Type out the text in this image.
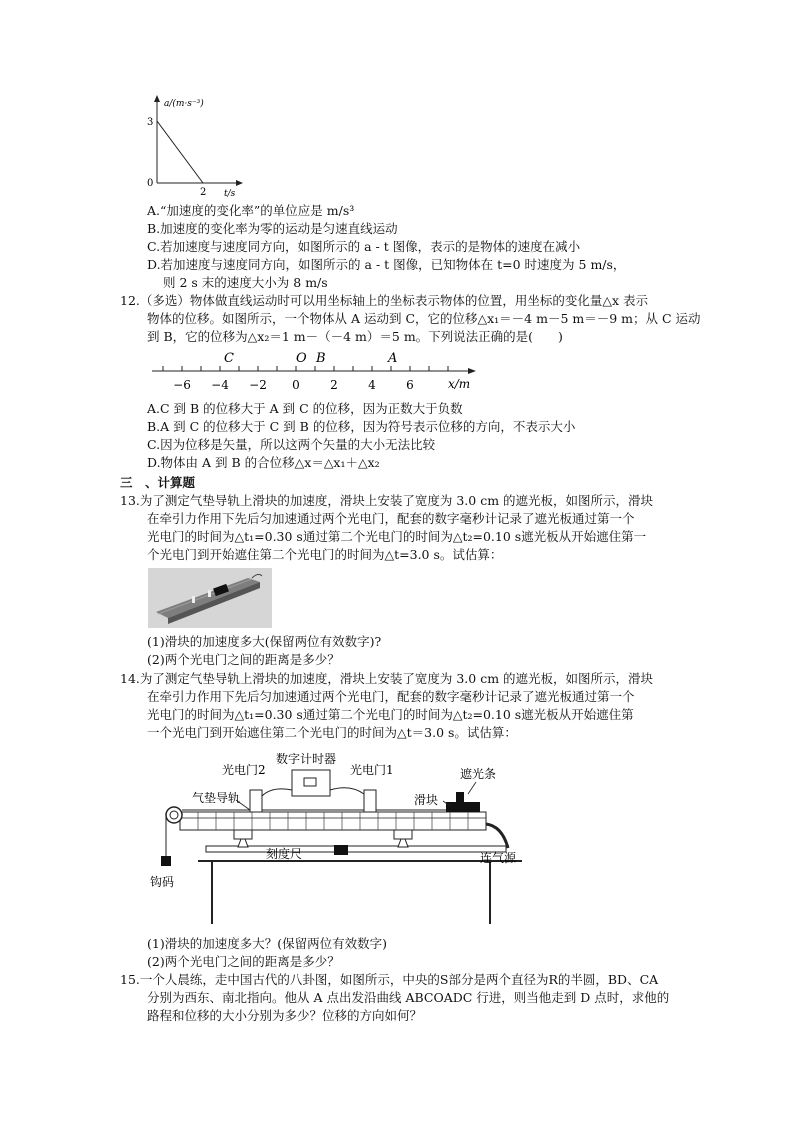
a/(m·s⁻³)
3
0
2 t/s
A.“加速度的变化率”的单位应是 m/s³
B.加速度的变化率为零的运动是匀速直线运动
C.若加速度与速度同方向，如图所示的 a - t 图像，表示的是物体的速度在减小
D.若加速度与速度同方向，如图所示的 a - t 图像，已知物体在 t=0 时速度为 5 m/s，
则 2 s 末的速度大小为 8 m/s
12.（多选）物体做直线运动时可以用坐标轴上的坐标表示物体的位置，用坐标的变化量△x 表示
物体的位移。如图所示，一个物体从 A 运动到 C，它的位移△x₁＝－4 m－5 m＝－9 m；从 C 运动
到 B，它的位移为△x₂＝1 m－（－4 m）＝5 m。下列说法正确的是(　　)
C	O B	A
−6 −4 −2 0	2	4	6	x/m
A.C 到 B 的位移大于 A 到 C 的位移，因为正数大于负数
B.A 到 C 的位移大于 C 到 B 的位移，因为符号表示位移的方向，不表示大小
C.因为位移是矢量，所以这两个矢量的大小无法比较
D.物体由 A 到 B 的合位移△x＝△x₁＋△x₂
三　、计算题
13.为了测定气垫导轨上滑块的加速度，滑块上安装了宽度为 3.0 cm 的遮光板，如图所示，滑块
在牵引力作用下先后匀加速通过两个光电门，配套的数字毫秒计记录了遮光板通过第一个
光电门的时间为△t₁=0.30 s通过第二个光电门的时间为△t₂=0.10 s遮光板从开始遮住第一
个光电门到开始遮住第二个光电门的时间为△t=3.0 s。试估算：
(1)滑块的加速度多大(保留两位有效数字)?
(2)两个光电门之间的距离是多少？
14.为了测定气垫导轨上滑块的加速度，滑块上安装了宽度为 3.0 cm 的遮光板，如图所示，滑块
在牵引力作用下先后匀加速通过两个光电门，配套的数字毫秒计记录了遮光板通过第一个
光电门的时间为△t₁=0.30 s通过第二个光电门的时间为△t₂=0.10 s遮光板从开始遮住第
一个光电门到开始遮住第二个光电门的时间为△t＝3.0 s。试估算：
数字计时器
光电门2	光电门1
气垫导轨	滑块
遮光条
刻度尺	连气源
钩码
(1)滑块的加速度多大？(保留两位有效数字)
(2)两个光电门之间的距离是多少？
15.一个人晨练，走中国古代的八卦图，如图所示，中央的S部分是两个直径为R的半圆，BD、CA
分别为西东、南北指向。他从 A 点出发沿曲线 ABCOADC 行进，则当他走到 D 点时，求他的
路程和位移的大小分别为多少？位移的方向如何？
